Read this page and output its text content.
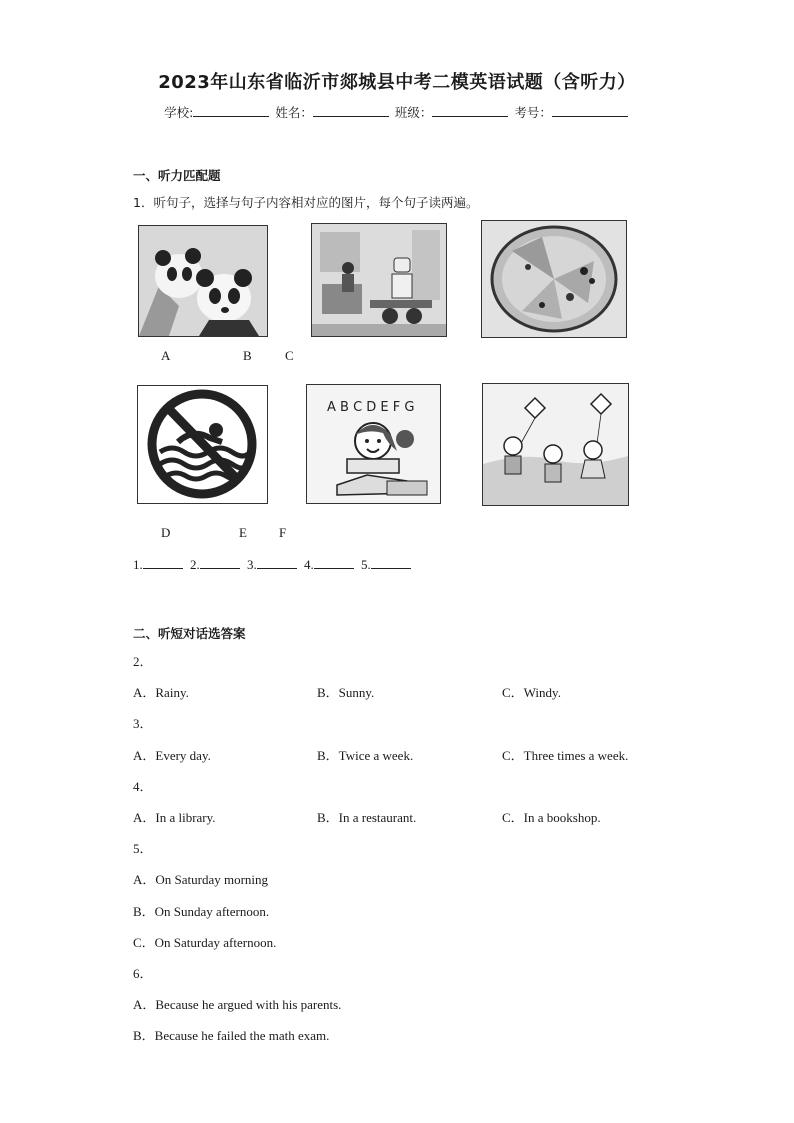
2023年山东省临沂市郯城县中考二模英语试题（含听力）
学校:	姓名：	班级：	考号：
一、听力匹配题
1．听句子，选择与句子内容相对应的图片，每个句子读两遍。
A	B	C
A B C D E F G
D	E F
1.	2.	3.	4.	5.
二、听短对话选答案
2．
A．Rainy.	B．Sunny.	C．Windy.
3．
A．Every day.	B．Twice a week.	C．Three times a week.
4．
A．In a library.	B．In a restaurant.	C．In a bookshop.
5．
A．On Saturday morning
B．On Sunday afternoon.
C．On Saturday afternoon.
6．
A．Because he argued with his parents.
B．Because he failed the math exam.
